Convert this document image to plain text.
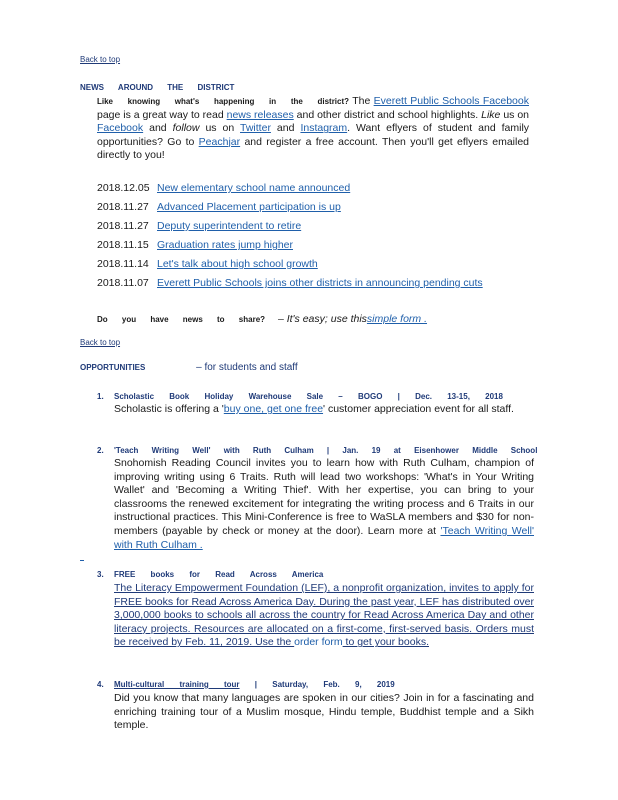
Back to top
NEWS AROUND THE DISTRICT
Like knowing what's happening in the district? The Everett Public Schools Facebook page is a great way to read news releases and other district and school highlights. Like us on Facebook and follow us on Twitter and Instagram. Want eflyers of student and family opportunities? Go to Peachjar and register a free account. Then you'll get eflyers emailed directly to you!
2018.12.05 New elementary school name announced
2018.11.27 Advanced Placement participation is up
2018.11.27 Deputy superintendent to retire
2018.11.15 Graduation rates jump higher
2018.11.14 Let's talk about high school growth
2018.11.07 Everett Public Schools joins other districts in announcing pending cuts
Do you have news to share? – It's easy; use thissimple form .
Back to top
OPPORTUNITIES	– for students and staff
1. Scholastic Book Holiday Warehouse Sale – BOGO | Dec. 13-15, 2018
Scholastic is offering a 'buy one, get one free' customer appreciation event for all staff.
2. 'Teach Writing Well' with Ruth Culham | Jan. 19 at Eisenhower Middle School
Snohomish Reading Council invites you to learn how with Ruth Culham, champion of improving writing using 6 Traits. Ruth will lead two workshops: 'What's in Your Writing Wallet' and 'Becoming a Writing Thief'. With her expertise, you can bring to your classrooms the renewed excitement for integrating the writing process and 6 Traits in our instructional practices. This Mini-Conference is free to WaSLA members and $30 for non-members (payable by check or money at the door). Learn more at 'Teach Writing Well' with Ruth Culham .
3. FREE books for Read Across America
The Literacy Empowerment Foundation (LEF), a nonprofit organization, invites to apply for FREE books for Read Across America Day. During the past year, LEF has distributed over 3,000,000 books to schools all across the country for Read Across America Day and other literacy projects. Resources are allocated on a first-come, first-served basis. Orders must be received by Feb. 11, 2019. Use the order form to get your books.
4. Multi-cultural training tour | Saturday, Feb. 9, 2019
Did you know that many languages are spoken in our cities? Join in for a fascinating and enriching training tour of a Muslim mosque, Hindu temple, Buddhist temple and a Sikh temple.
